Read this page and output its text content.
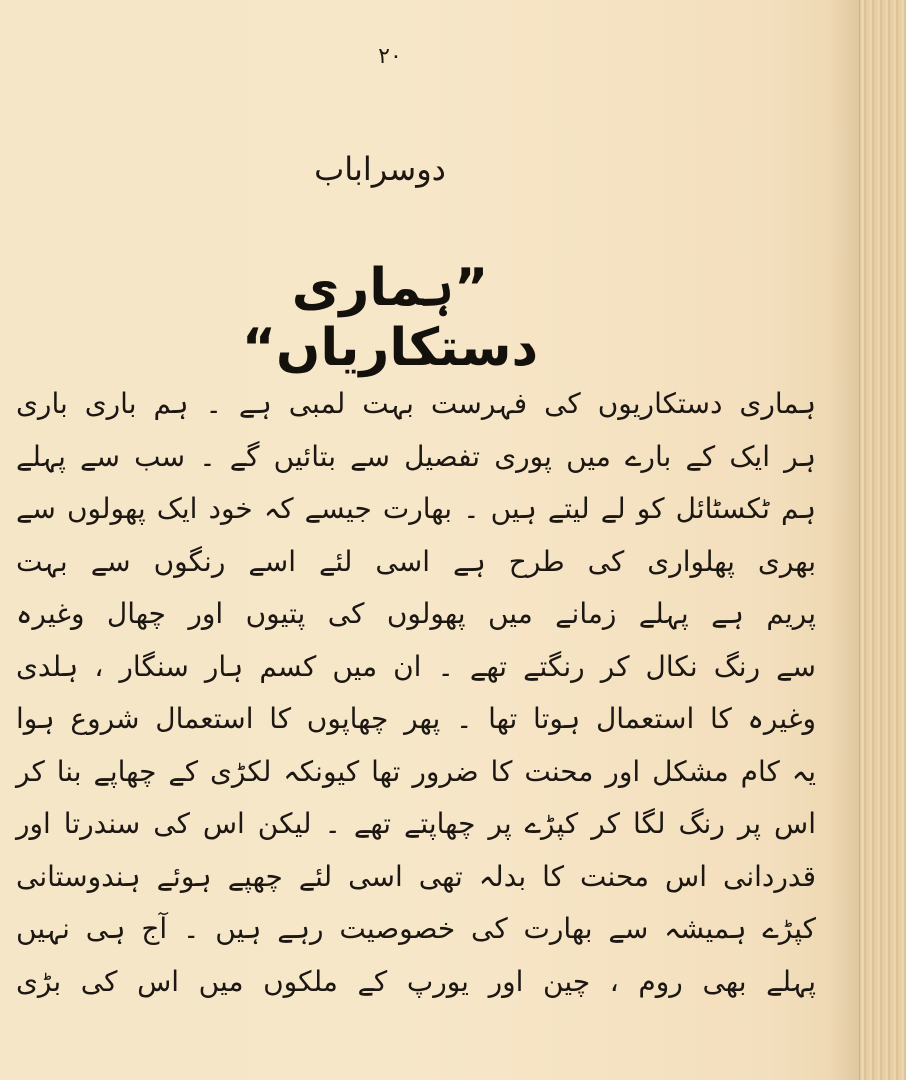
۲۰
دوسراباب
”ہماری دستکاریاں“
ہماری دستکاریوں کی فہرست بہت لمبی ہے ۔ ہم باری باری
ہر ایک کے بارے میں پوری تفصیل سے بتائیں گے ۔ سب سے پہلے
ہم ٹکسٹائل کو لے لیتے ہیں ۔ بھارت جیسے کہ خود ایک پھولوں سے
بھری پھلواری کی طرح ہے اسی لئے اسے رنگوں سے بہت
پریم ہے پہلے زمانے میں پھولوں کی پتیوں اور چھال وغیرہ
سے رنگ نکال کر رنگتے تھے ۔ ان میں کسم ہار سنگار ، ہلدی
وغیرہ کا استعمال ہوتا تھا ۔ پھر چھاپوں کا استعمال شروع ہوا
یہ کام مشکل اور محنت کا ضرور تھا کیونکہ لکڑی کے چھاپے بنا کر
اس پر رنگ لگا کر کپڑے پر چھاپتے تھے ۔ لیکن اس کی سندرتا اور
قدردانی اس محنت کا بدلہ تھی اسی لئے چھپے ہوئے ہندوستانی
کپڑے ہمیشہ سے بھارت کی خصوصیت رہے ہیں ۔ آج ہی نہیں
پہلے بھی روم ، چین اور یورپ کے ملکوں میں اس کی بڑی
